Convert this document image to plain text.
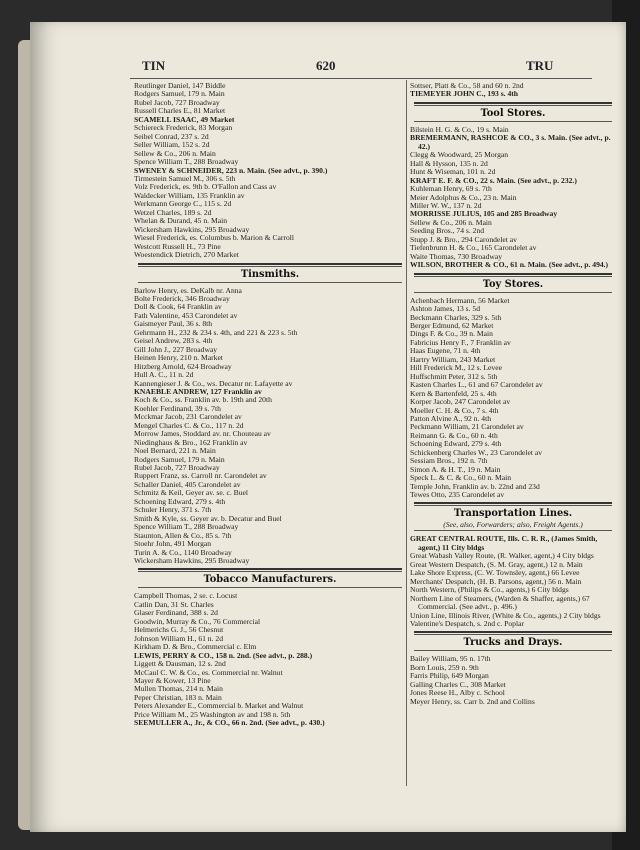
TIN	620	TRU
Reutlinger Daniel, 147 Biddle
Rodgers Samuel, 179 n. Main
Rubel Jacob, 727 Broadway
Russell Charles E., 81 Market
SCAMELL ISAAC, 49 Market
Schiereck Frederick, 83 Morgan
Seibel Conrad, 237 s. 2d
Seller William, 152 s. 2d
Sellew & Co., 206 n. Main
Spence William T., 288 Broadway
SWENEY & SCHNEIDER, 223 n. Main. (See advt., p. 390.)
Tirmestein Samuel M., 306 s. 5th
Volz Frederick, es. 9th b. O'Fallon and Cass av
Waldecker William, 135 Franklin av
Werkmann George C., 115 s. 2d
Wetzel Charles, 189 s. 2d
Whelan & Durand, 45 n. Main
Wickersham Hawkins, 295 Broadway
Wiesel Frederick, es. Columbus b. Marion & Carroll
Westcott Russell H., 73 Pine
Woestendick Dietrich, 270 Market
Tinsmiths.
Barlow Henry, es. DeKalb nr. Anna
Bolte Frederick, 346 Broadway
Doll & Cook, 64 Franklin av
Fath Valentine, 453 Carondelet av
Gaismeyer Paul, 36 s. 8th
Gehrmann H., 232 & 234 s. 4th, and 221 & 223 s. 5th
Geisel Andrew, 283 s. 4th
Gill John J., 227 Broadway
Heinen Henry, 210 n. Market
Hitzberg Arnold, 624 Broadway
Hull A. C., 11 n. 2d
Kannengieser J. & Co., ws. Decatur nr. Lafayette av
KNAEBLE ANDREW, 127 Franklin av
Koch & Co., ss. Franklin av. b. 19th and 20th
Koehler Ferdinand, 39 s. 7th
Mcckmar Jacob, 231 Carondelet av
Mengel Charles C. & Co., 117 n. 2d
Morrow James, Stoddard av. nr. Chouteau av
Niedinghaus & Bro., 162 Franklin av
Noel Bernard, 221 n. Main
Rodgers Samuel, 179 n. Main
Rubel Jacob, 727 Broadway
Ruppert Franz, ss. Carroll nr. Carondelet av
Schaller Daniel, 405 Carondelet av
Schmitz & Keil, Geyer av. se. c. Buel
Schoening Edward, 279 s. 4th
Schuler Henry, 371 s. 7th
Smith & Kyle, ss. Geyer av. b. Decatur and Buel
Spence William T., 288 Broadway
Staunton, Allen & Co., 85 s. 7th
Stoehr John, 491 Morgan
Turin A. & Co., 1140 Broadway
Wickersham Hawkins, 295 Broadway
Tobacco Manufacturers.
Campbell Thomas, 2 se. c. Locust
Catlin Dan, 31 St. Charles
Glaser Ferdinand, 388 s. 2d
Goodwin, Murray & Co., 76 Commercial
Helmerichs G. J., 56 Chesnut
Johnson William H., 61 n. 2d
Kirkham D. & Bro., Commercial c. Elm
LEWIS, PERRY & CO., 158 n. 2nd. (See advt., p. 288.)
Liggett & Dausman, 12 s. 2nd
McCaul C. W. & Co., es. Commercial nr. Walnut
Mayer & Kower, 13 Pine
Mullen Thomas, 214 n. Main
Peper Christian, 183 n. Main
Peters Alexander E., Commercial b. Market and Walnut
Price William M., 25 Washington av and 198 n. 5th
SEEMULLER A., Jr., & CO., 66 n. 2nd. (See advt., p. 430.)
Sottser, Platt & Co., 58 and 60 n. 2nd
TIEMEYER JOHN C., 193 s. 4th
Tool Stores.
Bilstein H. G. & Co., 19 s. Main
BREMERMANN, RASHCOE & CO., 3 s. Main. (See advt., p. 42.)
Clegg & Woodward, 25 Morgan
Hall & Hysson, 135 n. 2d
Hunt & Wiseman, 101 n. 2d
KRAFT E. F. & CO., 22 s. Main. (See advt., p. 232.)
Kuhleman Henry, 69 s. 7th
Meier Adolphus & Co., 23 n. Main
Miller W. W., 137 n. 2d
MORRISSE JULIUS, 105 and 285 Broadway
Sellew & Co., 206 n. Main
Seeding Bros., 74 s. 2nd
Stupp J. & Bro., 294 Carondelet av
Tiefenbrunn H. & Co., 165 Carondelet av
Waite Thomas, 730 Broadway
WILSON, BROTHER & CO., 61 n. Main. (See advt., p. 494.)
Toy Stores.
Achenbach Hermann, 56 Market
Ashton James, 13 s. 5d
Beckmann Charles, 329 s. 5th
Berger Edmund, 62 Market
Dings F. & Co., 39 n. Main
Fabricius Henry F., 7 Franklin av
Haas Eugene, 71 n. 4th
Hartry William, 243 Market
Hill Frederick M., 12 s. Levee
Huffschmitt Peter, 312 s. 5th
Kasten Charles L., 61 and 67 Carondelet av
Kern & Bartenfeld, 25 s. 4th
Korper Jacob, 247 Carondelet av
Moeller C. H. & Co., 7 s. 4th
Patton Alvine A., 92 n. 4th
Peckmann William, 21 Carondelet av
Reimann G. & Co., 60 n. 4th
Schoening Edward, 279 s. 4th
Schickenberg Charles W., 23 Carondelet av
Sessiam Bros., 192 n. 7th
Simon A. & H. T., 19 n. Main
Speck L. & C. & Co., 60 n. Main
Temple John, Franklin av. b. 22nd and 23d
Tewes Otto, 235 Carondelet av
Transportation Lines.
(See, also, Forwarders; also, Freight Agents.)
GREAT CENTRAL ROUTE, Ills. C. R. R., (James Smith, agent,) 11 City bldgs
Great Wabash Valley Route, (R. Walker, agent,) 4 City bldgs
Great Western Despatch, (S. M. Gray, agent,) 12 n. Main
Lake Shore Express, (C. W. Townsley, agent,) 66 Levee
Merchants' Despatch, (H. B. Parsons, agent,) 56 n. Main
North Western, (Philips & Co., agents,) 6 City bldgs
Northern Line of Steamers, (Warden & Shaffer, agents,) 67 Commercial. (See advt., p. 496.)
Union Line, Illinois River, (White & Co., agents,) 2 City bldgs
Valentine's Despatch, s. 2nd c. Poplar
Trucks and Drays.
Bailey William, 95 n. 17th
Born Louis, 259 n. 9th
Farris Philip, 649 Morgan
Galling Charles C., 308 Market
Jones Reese H., Alby c. School
Meyer Henry, ss. Carr b. 2nd and Collins
